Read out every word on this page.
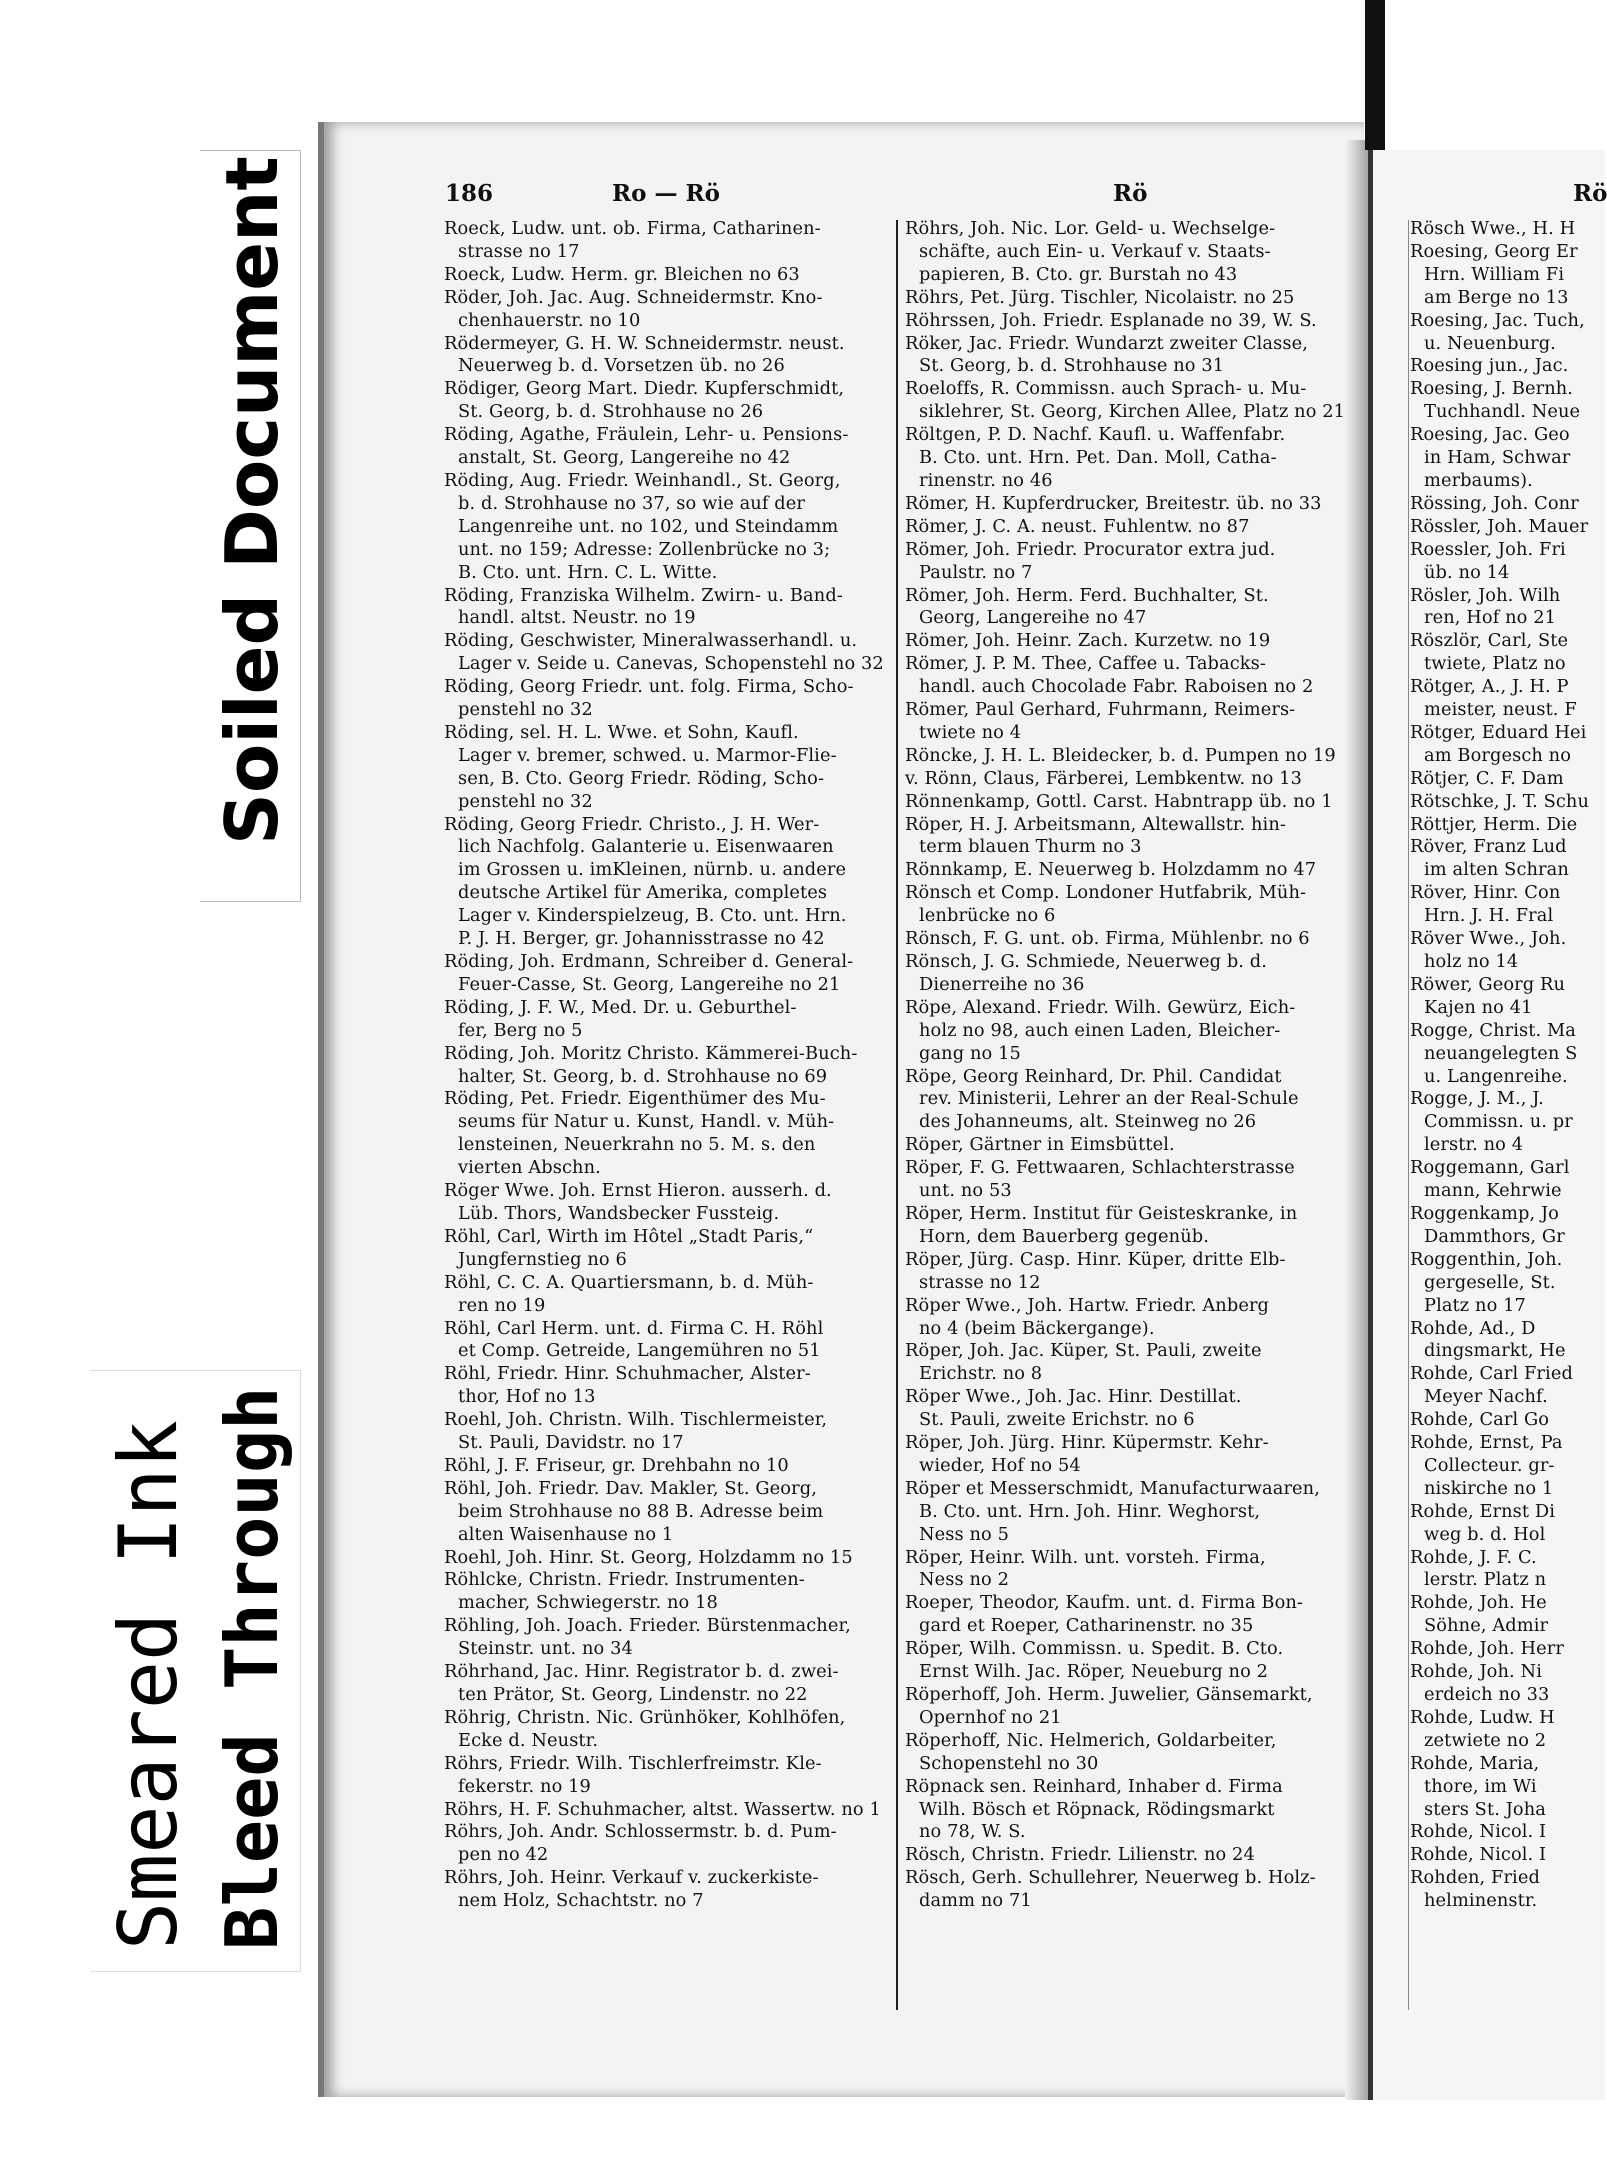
Soiled Document
Smeared Ink Bleed Through
186	Ro — Rö	Rö	Rö
Roeck, Ludw. unt. ob. Firma, Catharinen-
strasse no 17
Roeck, Ludw. Herm. gr. Bleichen no 63
Röder, Joh. Jac. Aug. Schneidermstr. Kno-
chenhauerstr. no 10
Rödermeyer, G. H. W. Schneidermstr. neust.
Neuerweg b. d. Vorsetzen üb. no 26
Rödiger, Georg Mart. Diedr. Kupferschmidt,
St. Georg, b. d. Strohhause no 26
Röding, Agathe, Fräulein, Lehr- u. Pensions-
anstalt, St. Georg, Langereihe no 42
Röding, Aug. Friedr. Weinhandl., St. Georg,
b. d. Strohhause no 37, so wie auf der
Langenreihe unt. no 102, und Steindamm
unt. no 159; Adresse: Zollenbrücke no 3;
B. Cto. unt. Hrn. C. L. Witte.
Röding, Franziska Wilhelm. Zwirn- u. Band-
handl. altst. Neustr. no 19
Röding, Geschwister, Mineralwasserhandl. u.
Lager v. Seide u. Canevas, Schopenstehl no 32
Röding, Georg Friedr. unt. folg. Firma, Scho-
penstehl no 32
Röding, sel. H. L. Wwe. et Sohn, Kaufl.
Lager v. bremer, schwed. u. Marmor-Flie-
sen, B. Cto. Georg Friedr. Röding, Scho-
penstehl no 32
Röding, Georg Friedr. Christo., J. H. Wer-
lich Nachfolg. Galanterie u. Eisenwaaren
im Grossen u. imKleinen, nürnb. u. andere
deutsche Artikel für Amerika, completes
Lager v. Kinderspielzeug, B. Cto. unt. Hrn.
P. J. H. Berger, gr. Johannisstrasse no 42
Röding, Joh. Erdmann, Schreiber d. General-
Feuer-Casse, St. Georg, Langereihe no 21
Röding, J. F. W., Med. Dr. u. Geburthel-
fer, Berg no 5
Röding, Joh. Moritz Christo. Kämmerei-Buch-
halter, St. Georg, b. d. Strohhause no 69
Röding, Pet. Friedr. Eigenthümer des Mu-
seums für Natur u. Kunst, Handl. v. Müh-
lensteinen, Neuerkrahn no 5. M. s. den
vierten Abschn.
Röger Wwe. Joh. Ernst Hieron. ausserh. d.
Lüb. Thors, Wandsbecker Fussteig.
Röhl, Carl, Wirth im Hôtel „Stadt Paris,“
Jungfernstieg no 6
Röhl, C. C. A. Quartiersmann, b. d. Müh-
ren no 19
Röhl, Carl Herm. unt. d. Firma C. H. Röhl
et Comp. Getreide, Langemühren no 51
Röhl, Friedr. Hinr. Schuhmacher, Alster-
thor, Hof no 13
Roehl, Joh. Christn. Wilh. Tischlermeister,
St. Pauli, Davidstr. no 17
Röhl, J. F. Friseur, gr. Drehbahn no 10
Röhl, Joh. Friedr. Dav. Makler, St. Georg,
beim Strohhause no 88 B. Adresse beim
alten Waisenhause no 1
Roehl, Joh. Hinr. St. Georg, Holzdamm no 15
Röhlcke, Christn. Friedr. Instrumenten-
macher, Schwiegerstr. no 18
Röhling, Joh. Joach. Frieder. Bürstenmacher,
Steinstr. unt. no 34
Röhrhand, Jac. Hinr. Registrator b. d. zwei-
ten Prätor, St. Georg, Lindenstr. no 22
Röhrig, Christn. Nic. Grünhöker, Kohlhöfen,
Ecke d. Neustr.
Röhrs, Friedr. Wilh. Tischlerfreimstr. Kle-
fekerstr. no 19
Röhrs, H. F. Schuhmacher, altst. Wassertw. no 1
Röhrs, Joh. Andr. Schlossermstr. b. d. Pum-
pen no 42
Röhrs, Joh. Heinr. Verkauf v. zuckerkiste-
nem Holz, Schachtstr. no 7
Röhrs, Joh. Nic. Lor. Geld- u. Wechselge-
schäfte, auch Ein- u. Verkauf v. Staats-
papieren, B. Cto. gr. Burstah no 43
Röhrs, Pet. Jürg. Tischler, Nicolaistr. no 25
Röhrssen, Joh. Friedr. Esplanade no 39, W. S.
Röker, Jac. Friedr. Wundarzt zweiter Classe,
St. Georg, b. d. Strohhause no 31
Roeloffs, R. Commissn. auch Sprach- u. Mu-
siklehrer, St. Georg, Kirchen Allee, Platz no 21
Röltgen, P. D. Nachf. Kaufl. u. Waffenfabr.
B. Cto. unt. Hrn. Pet. Dan. Moll, Catha-
rinenstr. no 46
Römer, H. Kupferdrucker, Breitestr. üb. no 33
Römer, J. C. A. neust. Fuhlentw. no 87
Römer, Joh. Friedr. Procurator extra jud.
Paulstr. no 7
Römer, Joh. Herm. Ferd. Buchhalter, St.
Georg, Langereihe no 47
Römer, Joh. Heinr. Zach. Kurzetw. no 19
Römer, J. P. M. Thee, Caffee u. Tabacks-
handl. auch Chocolade Fabr. Raboisen no 2
Römer, Paul Gerhard, Fuhrmann, Reimers-
twiete no 4
Röncke, J. H. L. Bleidecker, b. d. Pumpen no 19
v. Rönn, Claus, Färberei, Lembkentw. no 13
Rönnenkamp, Gottl. Carst. Habntrapp üb. no 1
Röper, H. J. Arbeitsmann, Altewallstr. hin-
term blauen Thurm no 3
Rönnkamp, E. Neuerweg b. Holzdamm no 47
Rönsch et Comp. Londoner Hutfabrik, Müh-
lenbrücke no 6
Rönsch, F. G. unt. ob. Firma, Mühlenbr. no 6
Rönsch, J. G. Schmiede, Neuerweg b. d.
Dienerreihe no 36
Röpe, Alexand. Friedr. Wilh. Gewürz, Eich-
holz no 98, auch einen Laden, Bleicher-
gang no 15
Röpe, Georg Reinhard, Dr. Phil. Candidat
rev. Ministerii, Lehrer an der Real-Schule
des Johanneums, alt. Steinweg no 26
Röper, Gärtner in Eimsbüttel.
Röper, F. G. Fettwaaren, Schlachterstrasse
unt. no 53
Röper, Herm. Institut für Geisteskranke, in
Horn, dem Bauerberg gegenüb.
Röper, Jürg. Casp. Hinr. Küper, dritte Elb-
strasse no 12
Röper Wwe., Joh. Hartw. Friedr. Anberg
no 4 (beim Bäckergange).
Röper, Joh. Jac. Küper, St. Pauli, zweite
Erichstr. no 8
Röper Wwe., Joh. Jac. Hinr. Destillat.
St. Pauli, zweite Erichstr. no 6
Röper, Joh. Jürg. Hinr. Küpermstr. Kehr-
wieder, Hof no 54
Röper et Messerschmidt, Manufacturwaaren,
B. Cto. unt. Hrn. Joh. Hinr. Weghorst,
Ness no 5
Röper, Heinr. Wilh. unt. vorsteh. Firma,
Ness no 2
Roeper, Theodor, Kaufm. unt. d. Firma Bon-
gard et Roeper, Catharinenstr. no 35
Röper, Wilh. Commissn. u. Spedit. B. Cto.
Ernst Wilh. Jac. Röper, Neueburg no 2
Röperhoff, Joh. Herm. Juwelier, Gänsemarkt,
Opernhof no 21
Röperhoff, Nic. Helmerich, Goldarbeiter,
Schopenstehl no 30
Röpnack sen. Reinhard, Inhaber d. Firma
Wilh. Bösch et Röpnack, Rödingsmarkt
no 78, W. S.
Rösch, Christn. Friedr. Lilienstr. no 24
Rösch, Gerh. Schullehrer, Neuerweg b. Holz-
damm no 71
Rösch Wwe., H. H
Roesing, Georg Er
Hrn. William Fi
am Berge no 13
Roesing, Jac. Tuch,
u. Neuenburg.
Roesing jun., Jac.
Roesing, J. Bernh.
Tuchhandl. Neue
Roesing, Jac. Geo
in Ham, Schwar
merbaums).
Rössing, Joh. Conr
Rössler, Joh. Mauer
Roessler, Joh. Fri
üb. no 14
Rösler, Joh. Wilh
ren, Hof no 21
Röszlör, Carl, Ste
twiete, Platz no
Rötger, A., J. H. P
meister, neust. F
Rötger, Eduard Hei
am Borgesch no
Rötjer, C. F. Dam
Rötschke, J. T. Schu
Röttjer, Herm. Die
Röver, Franz Lud
im alten Schran
Röver, Hinr. Con
Hrn. J. H. Fral
Röver Wwe., Joh.
holz no 14
Röwer, Georg Ru
Kajen no 41
Rogge, Christ. Ma
neuangelegten S
u. Langenreihe.
Rogge, J. M., J.
Commissn. u. pr
lerstr. no 4
Roggemann, Garl
mann, Kehrwie
Roggenkamp, Jo
Dammthors, Gr
Roggenthin, Joh.
gergeselle, St.
Platz no 17
Rohde, Ad., D
dingsmarkt, He
Rohde, Carl Fried
Meyer Nachf.
Rohde, Carl Go
Rohde, Ernst, Pa
Collecteur. gr-
niskirche no 1
Rohde, Ernst Di
weg b. d. Hol
Rohde, J. F. C.
lerstr. Platz n
Rohde, Joh. He
Söhne, Admir
Rohde, Joh. Herr
Rohde, Joh. Ni
erdeich no 33
Rohde, Ludw. H
zetwiete no 2
Rohde, Maria,
thore, im Wi
sters St. Joha
Rohde, Nicol. I
Rohde, Nicol. I
Rohden, Fried
helminenstr.
